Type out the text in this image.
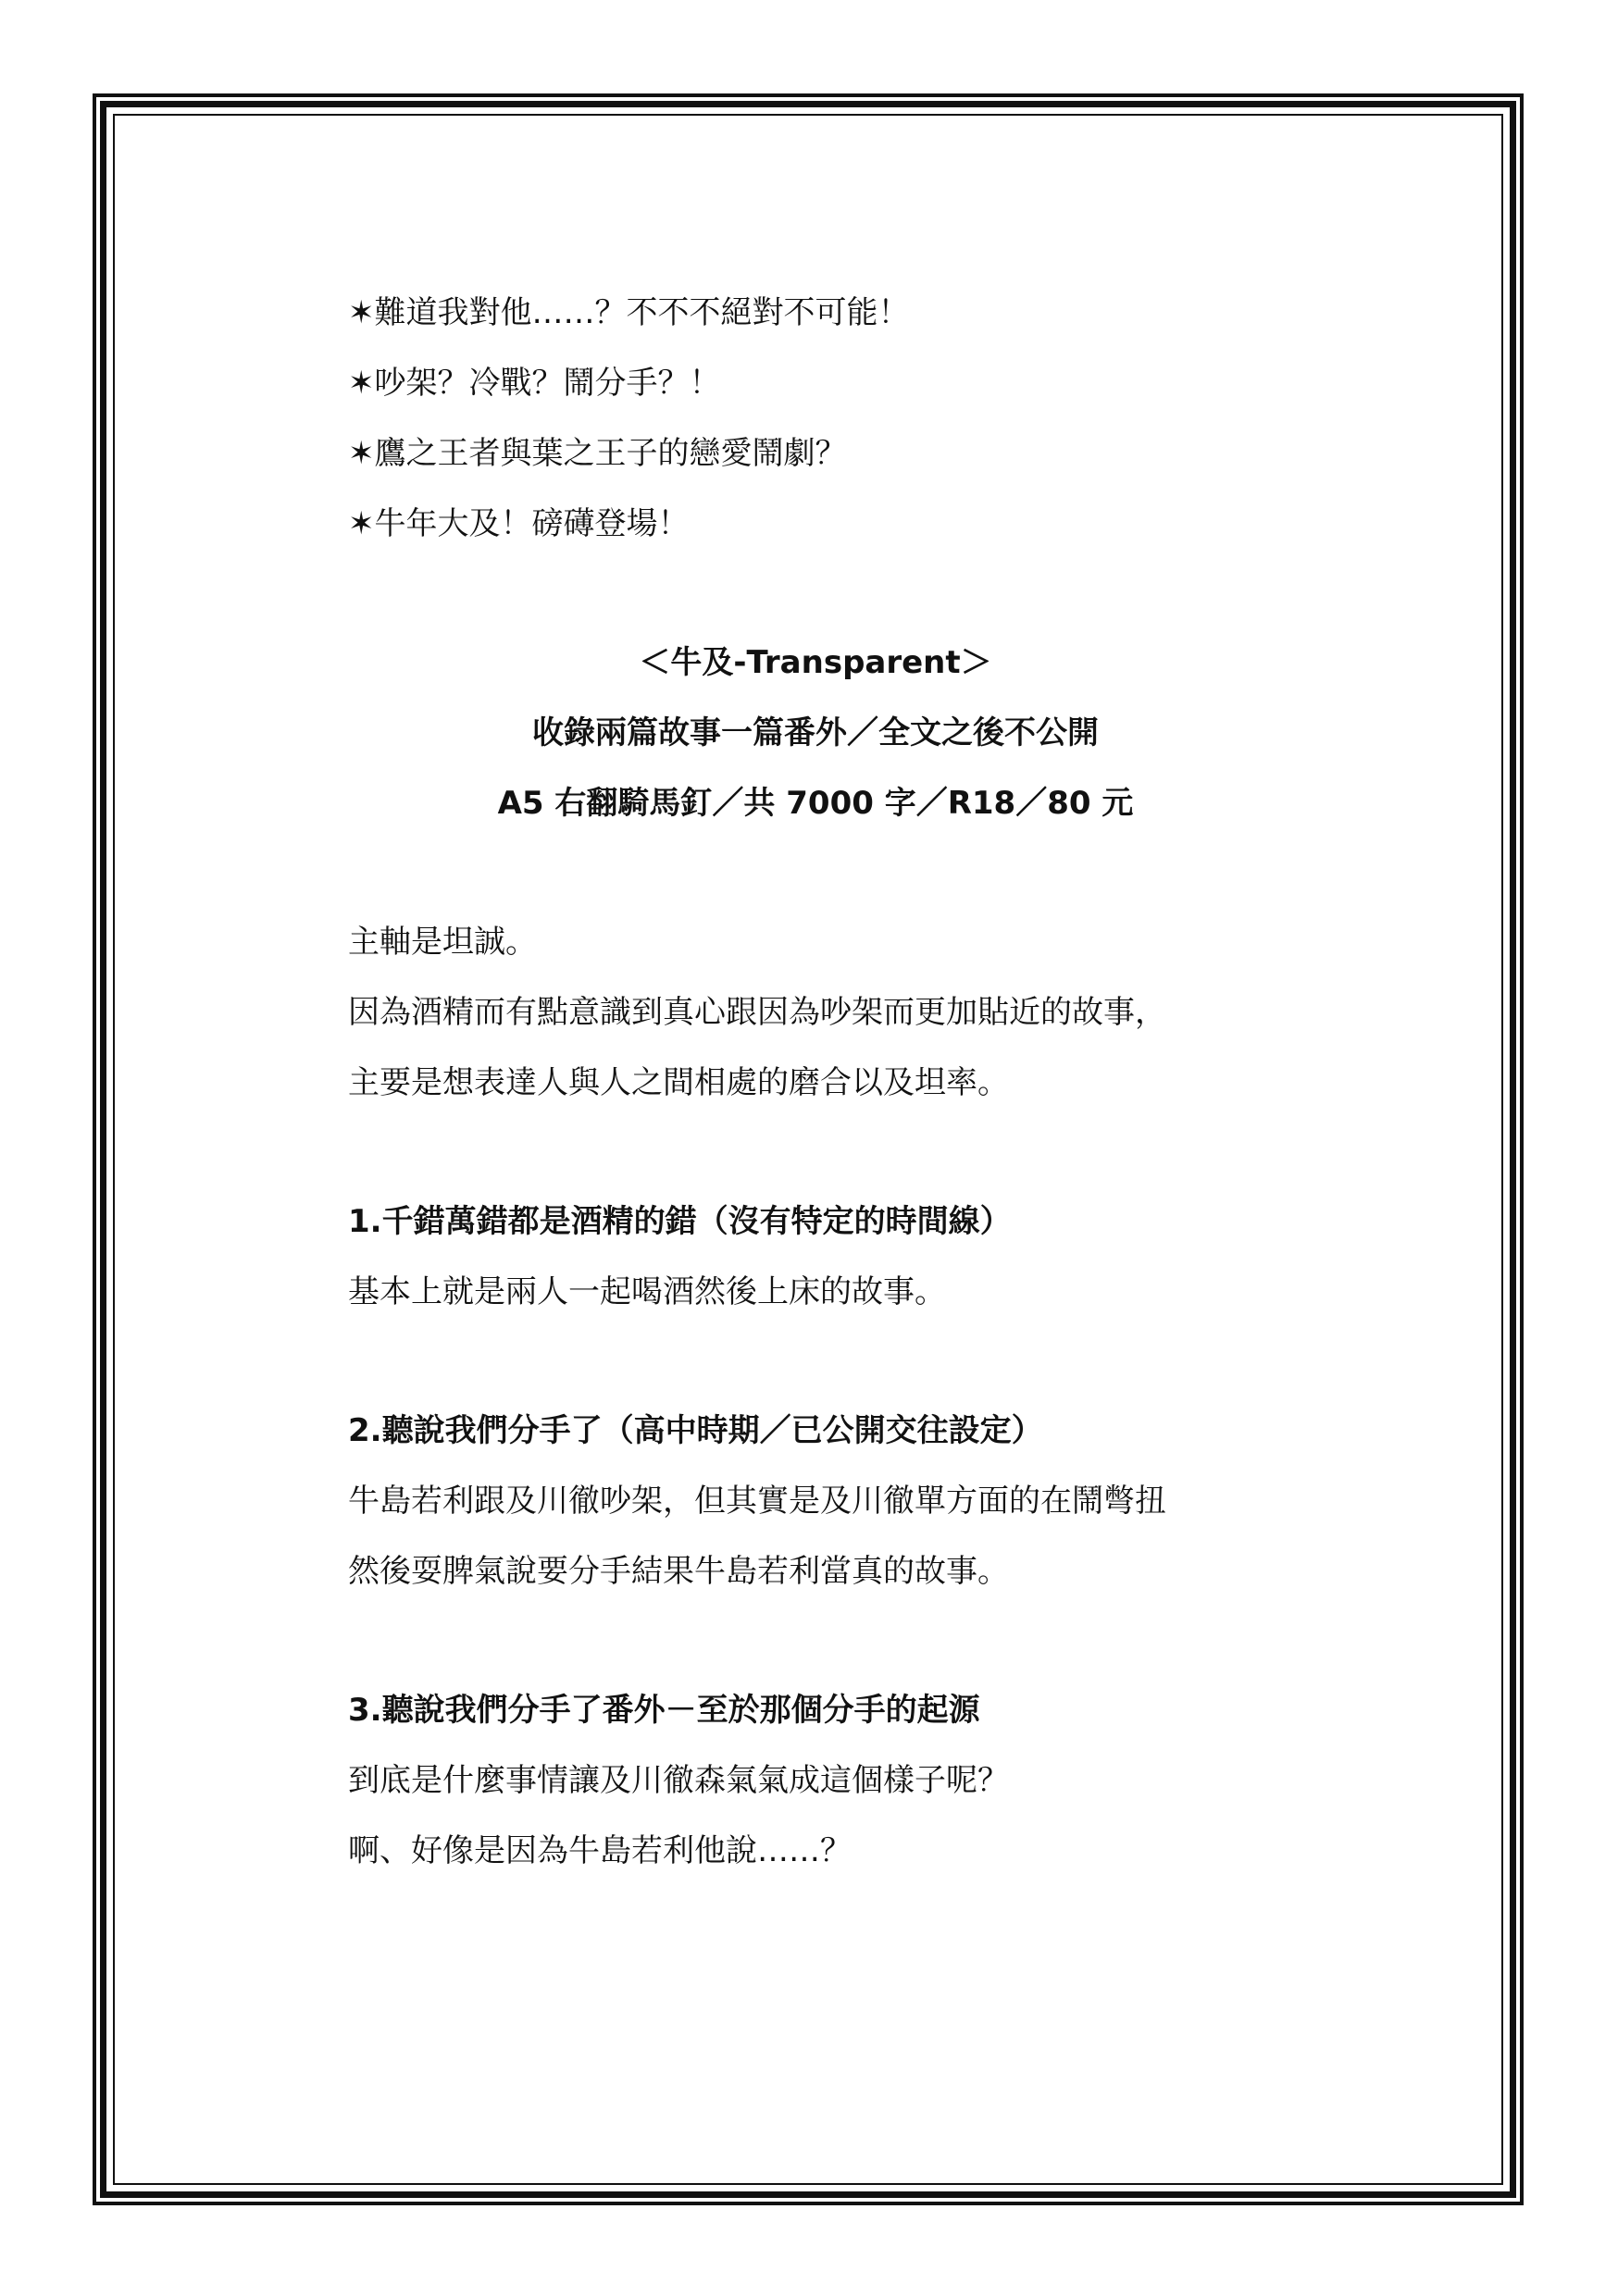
✶難道我對他……？不不不絕對不可能！
✶吵架？冷戰？鬧分手？！
✶鷹之王者與葉之王子的戀愛鬧劇？
✶牛年大及！磅礡登場！
＜牛及-Transparent＞
收錄兩篇故事一篇番外／全文之後不公開
A5 右翻騎馬釘／共 7000 字／R18／80 元
主軸是坦誠。
因為酒精而有點意識到真心跟因為吵架而更加貼近的故事，
主要是想表達人與人之間相處的磨合以及坦率。
1.千錯萬錯都是酒精的錯（沒有特定的時間線）
基本上就是兩人一起喝酒然後上床的故事。
2.聽說我們分手了（高中時期／已公開交往設定）
牛島若利跟及川徹吵架，但其實是及川徹單方面的在鬧彆扭
然後耍脾氣說要分手結果牛島若利當真的故事。
3.聽說我們分手了番外－至於那個分手的起源
到底是什麼事情讓及川徹森氣氣成這個樣子呢？
啊、好像是因為牛島若利他說……？
